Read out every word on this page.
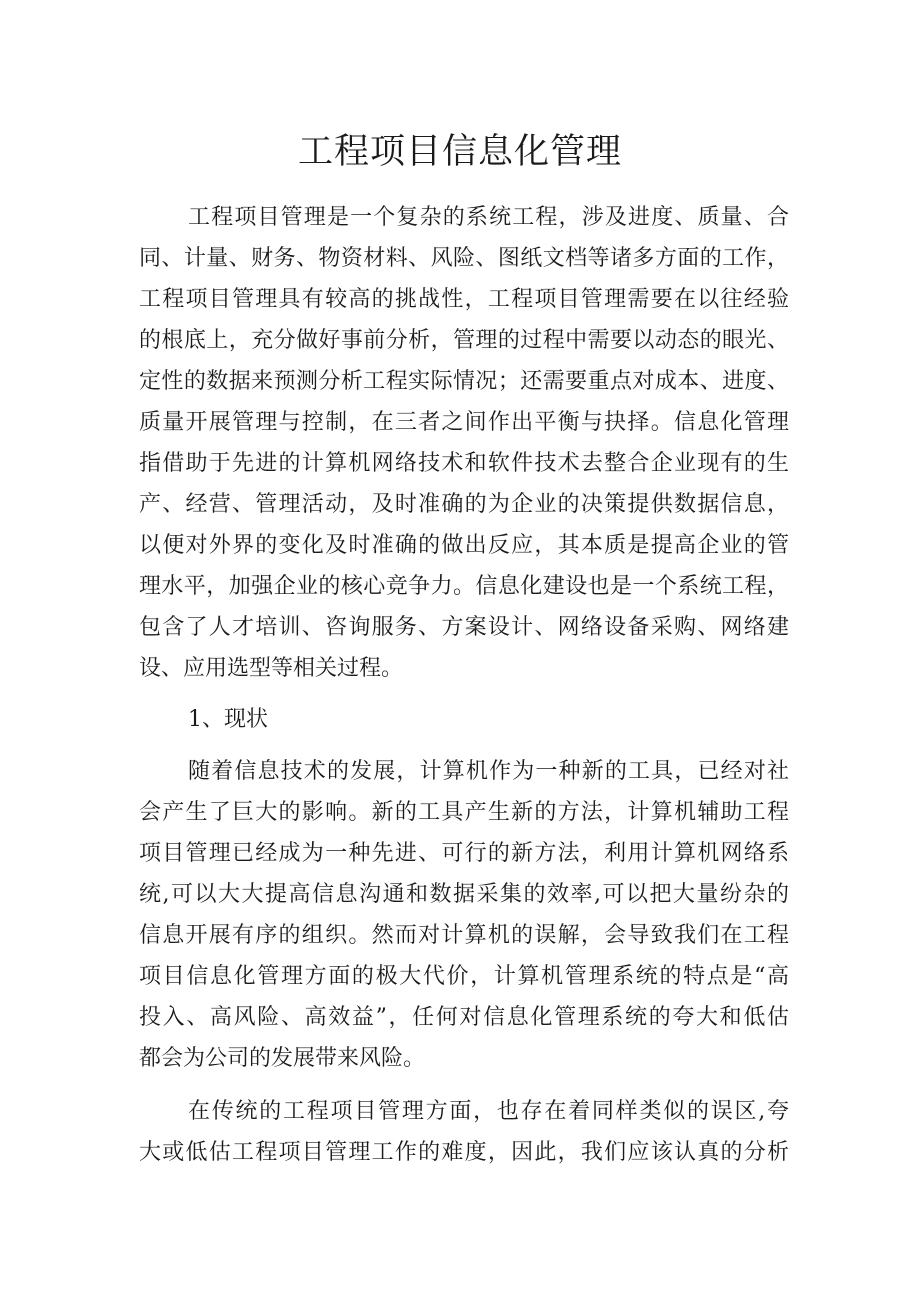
工程项目信息化管理

工程项目管理是一个复杂的系统工程，涉及进度、质量、合

同、计量、财务、物资材料、风险、图纸文档等诸多方面的工作，

工程项目管理具有较高的挑战性，工程项目管理需要在以往经验

的根底上，充分做好事前分析，管理的过程中需要以动态的眼光、

定性的数据来预测分析工程实际情况；还需要重点对成本、进度、

质量开展管理与控制，在三者之间作出平衡与抉择。信息化管理

指借助于先进的计算机网络技术和软件技术去整合企业现有的生

产、经营、管理活动，及时准确的为企业的决策提供数据信息，

以便对外界的变化及时准确的做出反应，其本质是提高企业的管

理水平，加强企业的核心竞争力。信息化建设也是一个系统工程，

包含了人才培训、咨询服务、方案设计、网络设备采购、网络建

设、应用选型等相关过程。

1、现状

随着信息技术的发展，计算机作为一种新的工具，已经对社

会产生了巨大的影响。新的工具产生新的方法，计算机辅助工程

项目管理已经成为一种先进、可行的新方法，利用计算机网络系

统,可以大大提高信息沟通和数据采集的效率,可以把大量纷杂的

信息开展有序的组织。然而对计算机的误解，会导致我们在工程

项目信息化管理方面的极大代价，计算机管理系统的特点是“高

投入、高风险、高效益”，任何对信息化管理系统的夸大和低估

都会为公司的发展带来风险。

在传统的工程项目管理方面，也存在着同样类似的误区,夸

大或低估工程项目管理工作的难度，因此，我们应该认真的分析
